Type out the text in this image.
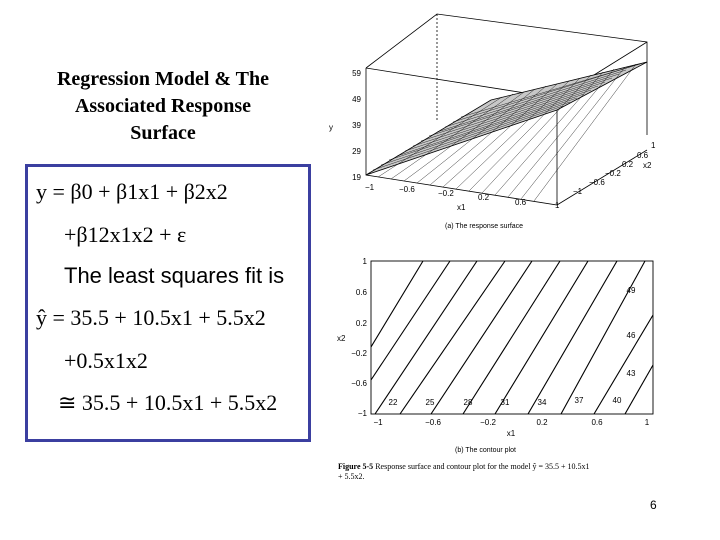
Regression Model & The
Associated Response
Surface
y = β0 + β1x1 + β2x2
+β12x1x2 + ε
The least squares fit is
ŷ = 35.5 + 10.5x1 + 5.5x2
+0.5x1x2
≅ 35.5 + 10.5x1 + 5.5x2
y
59
49
39
29
19
−1	−0.6	−0.2	0.2
0.6	1
x1
1
0.6
0.2
−0.2
−0.6
−1
x2
(a) The response surface
1
0.6
0.2
−0.2
−0.6
−1
x2
−1	−0.6	−0.2	0.2	0.6	1
x1
22	25	28	31	34	37	40
43
46
49
(b) The contour plot
Figure 5-5 Response surface and contour plot for the model ŷ = 35.5 + 10.5x1
+ 5.5x2.
6
